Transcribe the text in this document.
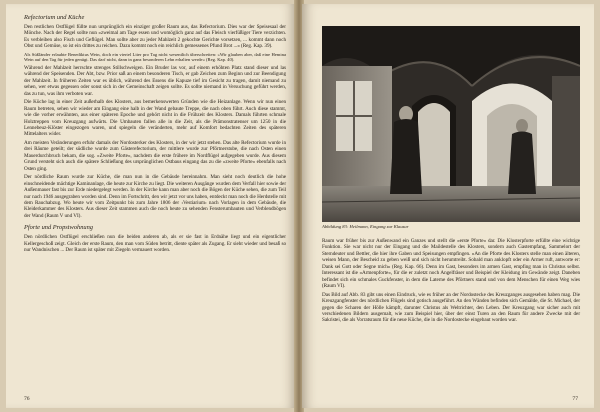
Refectorium und Küche

Den restlichen Ostflügel füllte nun ursprünglich ein einziger großer Raum aus, das Refectorium. Dies war der Speisesaal der Mönche. Nach der Regel sollte nun »zweimal am Tage essen und womöglich ganz auf das Fleisch vierfüßiger Tiere verzichten. Es verbleiben also Fisch und Geflügel. Man sollte aber zu jeder Mahlzeit 2 gekochte Gerichte vorsetzen, ... kommt dann noch Obst und Gemüse, so ist ein drittes zu reichen. Dazu kommt noch ein reichlich gemessenes Pfund Brot ...« (Reg. Kap. 39).

Als Süßländer erlaubte Benediktus Wein, doch ein viertel Liter pro Tag nicht wesentlich überschreiten: »Wir glauben aber, daß eine Hemina Wein auf den Tag für jeden genügt. Das darf nicht, dann in ganz besonderen Lehn erhalten werde« (Reg. Kap. 40).

Während der Mahlzeit herrschte strenges Stillschweigen. Ein Bruder las vor, auf einem erhöhten Platz stand dieser und las während der Speisenden. Der Abt, bzw. Prior saß an einem besonderen Tisch, er gab Zeichen zum Beginn und zur Beendigung der Mahlzeit. In früheren Zeiten war es üblich, während des Essens die Kapuze tief im Gesicht zu tragen, damit niemand zu sehen, wer etwas gegessen oder sonst sich in der Gemeinschaft zeigen sollte. Es sollte niemand in Versuchung geführt werden, das zu tun, was ihm verboten war.

Die Küche lag in einer Zeit außerhalb des Klosters, aus bemerkenswerten Gründen wie die Heizanlage. Wenn wir nun einen Raum betreten, sehen wir wieder am Eingang eine halb in der Wand gebaute Treppe, die nach oben führt. Auch diese stammt, wie die vorher erwähnten, aus einer späteren Epoche und gehört nicht in die Frühzeit des Klosters. Damals führten schmale Holztreppen vom Kreuzgang aufwärts. Die Umbauten fallen alle in die Zeit, als die Prämonstratenser um 1250 in die Lennebeuz-Klöster eingezogen waren, und spiegeln die veränderten, mehr auf Komfort bedachten Zeiten des späteren Mittelalters wider.

Am meisten Veränderungen erfuhr damals der Nordosterker des Klosters, in der wir jetzt stehen. Das alte Refectorium wurde in drei Räume geteilt; der südliche wurde zum Gästerefectorium, der mittlere wurde zur Pförtnerstube, die nach Osten einen Mauerdurchbruch bekam, die sog. »Zweite Pforte«, nachdem die erste frühere im Nordflügel aufgegeben wurde. Aus diesem Grund versteht sich auch die spätere Schließung des ursprünglichen Ostbaus eingang das zu die »zweite Pforte« ebenfalls nach Osten ging.

Der nördliche Raum wurde zur Küche, die man nun in die Gebäude hereinnahm. Man sieht noch deutlich die hohe einschneidende mächtige Kaminanlage, die heute zur Kirche zu liegt. Die weiteren Ausgänge wurden dem Verfall hier sowie der Außenmauer fast bis zur Erde niedergelegt werden. In der Kirche kann man aber noch die Bögen der Küche sehen, die zum Teil nur nach 1946 ausgegraben worden sind. Denn im Fortschritt, den wir jetzt vor uns haben, entdeckt man noch die Herdstelle mit dem Rauchabzug. Wo heute wir vom Zeitpunkt bis zum Jahre 1806 der ›Vestiarium‹ nach Vorlagen in dem Gebäude, die Kleiderkammer des Klosters. Aus dieser Zeit stammen auch die noch heute zu sehenden Fensterumbauten und Verblendbögen der Wand (Raum V und VI).

Pforte und Propstwohnung

Den nördlichen Ostflügel erschließen nun die beiden anderen ab, als er sie fast in Erdnähe liegt und ein eigentlicher Kellergeschoß zeigt. Gleich der erste Raum, den man vom Süden betritt, diente später als Zugang. Er sieht wieder und besaß so nur Wandnischen ... Der Raum ist später mit Ziegeln vermauert worden.

76
Abbildung 83: Heilmann, Eingang zur Klausur

Raum war früher bis zur Außenwand ein Ganzes und stellt die »erste Pforte« dar. Die Klosterpforte erfüllte eine wichtige Funktion. Sie war nicht nur der Eingang und die Maildestelle des Klosters, sondern auch Gastempfang, Sammelort der Sterndeuter und Bettler, die hier ihre Gaben und Speisungen empfingen. »An die Pforte des Klosters stelle man einen älteren, weisen Mann, der Bescheid zu geben weiß und sich nicht herumtreibt. Sobald man anklopft oder ein Armer ruft, antworte er: Dank sei Gott oder Segne mich« (Reg. Kap. 66). Denn im Gast, besonders im armen Gast, empfing man in Christus selbst. Interessant ist die »Armenpforte«, für die er zuletzt noch Angelfräser und Beispiel der Kleidung im Gewände zeigt. Daneben befindet sich ein schmales Guckfenster, in dem die Laterne des Pförtners stand und von dem Menschen für einen Weg wies (Raum VI).

Das Bild auf Abb. 83 gibt uns einen Eindruck, wie es früher an der Nordostecke des Kreuzganges ausgesehen haben mag. Die Kreuzgangfenster des nördlichen Flügels sind gotisch ausgeführt. An den Wänden befinden sich Gemälde, die St. Michael, der gegen die Scharen der Hölle kämpft, darunter Christus als Weltrichter, den Leben. Der Kreuzgang war sicher auch mit verschiedenen Bildern ausgemalt, wie zum Beispiel hier, über der einst Turen an den Raum für andere Zwecke mit der Sakristei, die als Vorratsraum für die neue Küche, die in die Nordostecke eingebaut worden war.

77
